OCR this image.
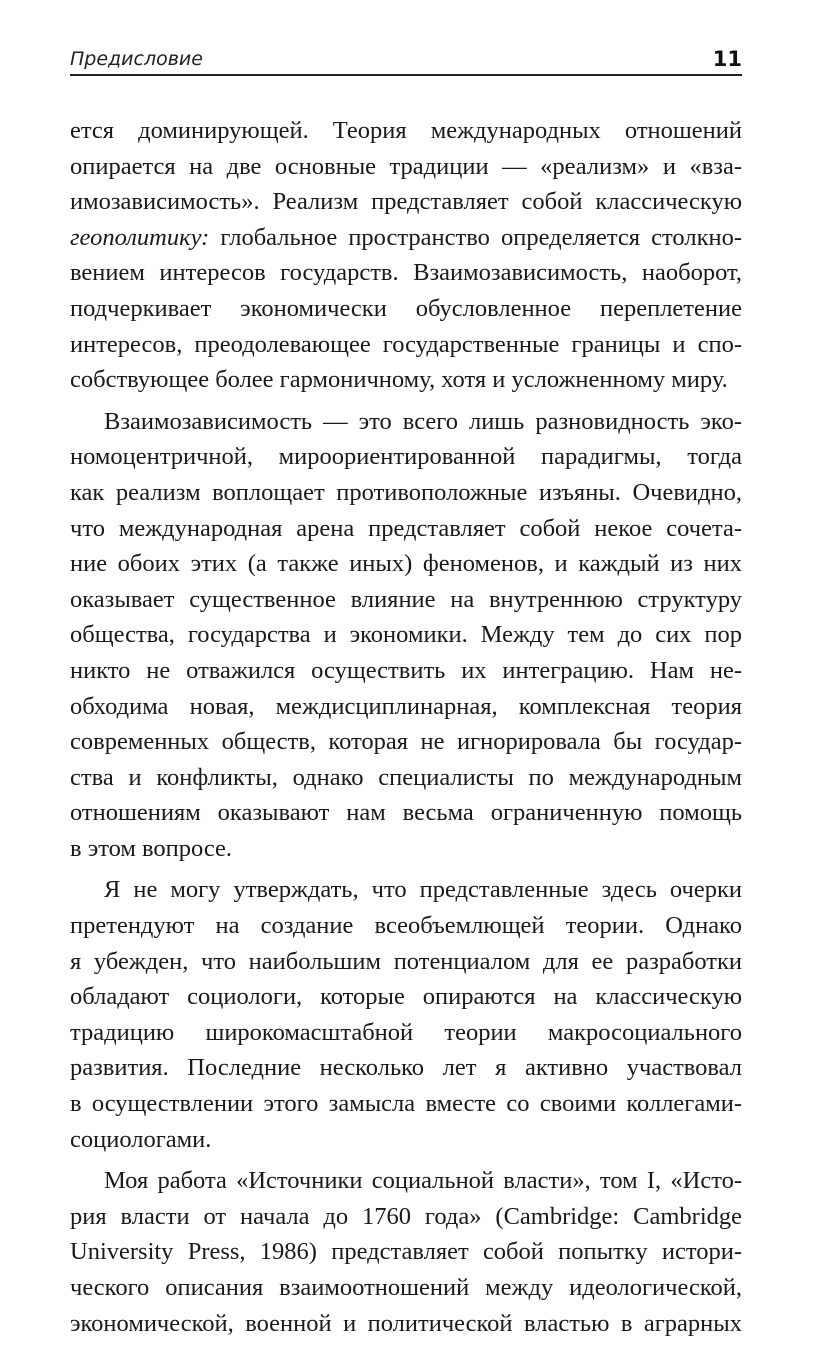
Предисловие	11
ется доминирующей. Теория международных отношений
опирается на две основные традиции — «реализм» и «вза-
имозависимость». Реализм представляет собой классическую
геополитику: глобальное пространство определяется столкно-
вением интересов государств. Взаимозависимость, наоборот,
подчеркивает экономически обусловленное переплетение
интересов, преодолевающее государственные границы и спо-
собствующее более гармоничному, хотя и усложненному миру.
Взаимозависимость — это всего лишь разновидность эко-
номоцентричной, мироориентированной парадигмы, тогда
как реализм воплощает противоположные изъяны. Очевидно,
что международная арена представляет собой некое сочета-
ние обоих этих (а также иных) феноменов, и каждый из них
оказывает существенное влияние на внутреннюю структуру
общества, государства и экономики. Между тем до сих пор
никто не отважился осуществить их интеграцию. Нам не-
обходима новая, междисциплинарная, комплексная теория
современных обществ, которая не игнорировала бы государ-
ства и конфликты, однако специалисты по международным
отношениям оказывают нам весьма ограниченную помощь
в этом вопросе.
Я не могу утверждать, что представленные здесь очерки
претендуют на создание всеобъемлющей теории. Однако
я убежден, что наибольшим потенциалом для ее разработки
обладают социологи, которые опираются на классическую
традицию широкомасштабной теории макросоциального
развития. Последние несколько лет я активно участвовал
в осуществлении этого замысла вместе со своими коллегами-
социологами.
Моя работа «Источники социальной власти», том I, «Исто-
рия власти от начала до 1760 года» (Cambridge: Cambridge
University Press, 1986) представляет собой попытку истори-
ческого описания взаимоотношений между идеологической,
экономической, военной и политической властью в аграрных
